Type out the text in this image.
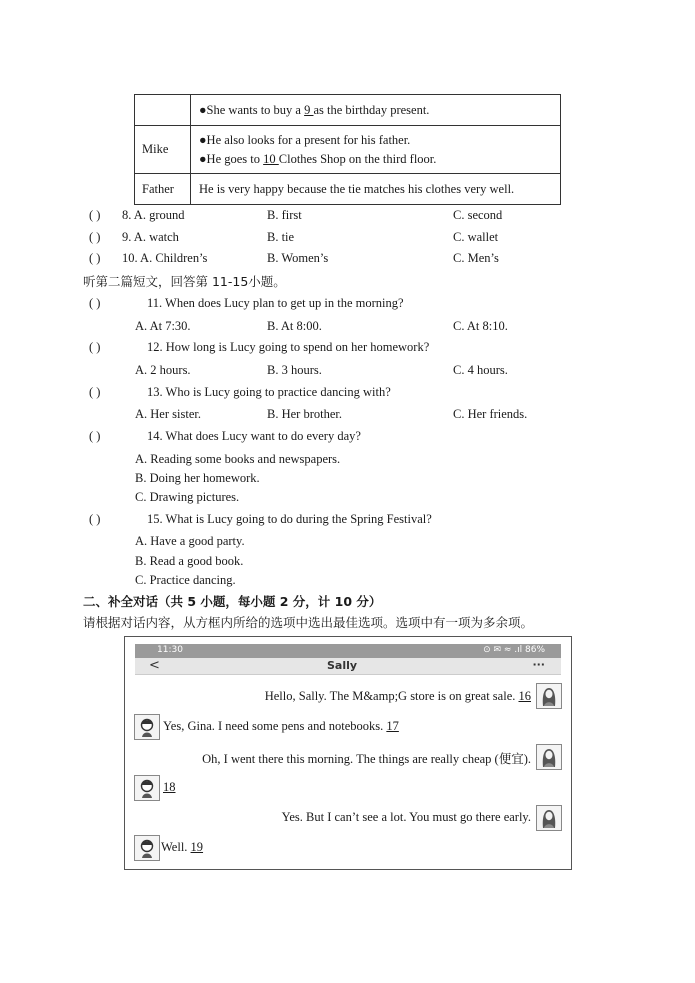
	●She wants to buy a 9 as the birthday present.
Mike	●He also looks for a present for his father.
●He goes to 10 Clothes Shop on the third floor.

Father	He is very happy because the tie matches his clothes very well.
( ) 8. A. ground	B. first	C. second
( ) 9. A. watch	B. tie	C. wallet
( ) 10. A. Children’s	B. Women’s	C. Men’s
听第二篇短文，回答第 11-15小题。
( )	11. When does Lucy plan to get up in the morning?
A. At 7:30.	B. At 8:00.	C. At 8:10.
( )	12. How long is Lucy going to spend on her homework?
A. 2 hours.	B. 3 hours.	C. 4 hours.
( )	13. Who is Lucy going to practice dancing with?
A. Her sister.	B. Her brother.	C. Her friends.
( )	14. What does Lucy want to do every day?
A. Reading some books and newspapers.
B. Doing her homework.
C. Drawing pictures.
( )	15. What is Lucy going to do during the Spring Festival?
A. Have a good party.
B. Read a good book.
C. Practice dancing.
二、补全对话（共 5 小题，每小题 2 分，计 10 分）
请根据对话内容，从方框内所给的选项中选出最佳选项。选项中有一项为多余项。
11:30	⊙ ✉ ≈ .ıl 86%
<	Sally	···
Hello, Sally. The M&amp;G store is on great sale. 16
Yes, Gina. I need some pens and notebooks. 17
Oh, I went there this morning. The things are really cheap (便宜).
18
Yes. But I can’t see a lot. You must go there early.
Well. 19
